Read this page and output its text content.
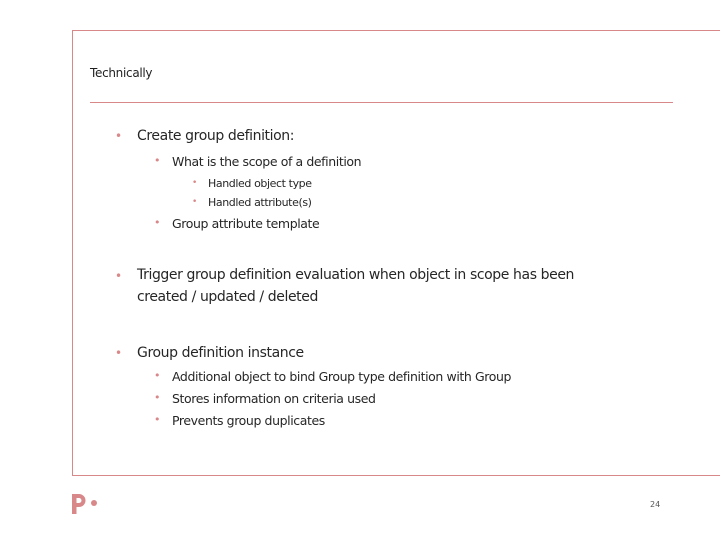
Technically
• Create group definition:
• What is the scope of a definition
• Handled object type
• Handled attribute(s)
• Group attribute template
• Trigger group definition evaluation when object in scope has been created / updated / deleted
• Group definition instance
• Additional object to bind Group type definition with Group
• Stores information on criteria used
• Prevents group duplicates
24
